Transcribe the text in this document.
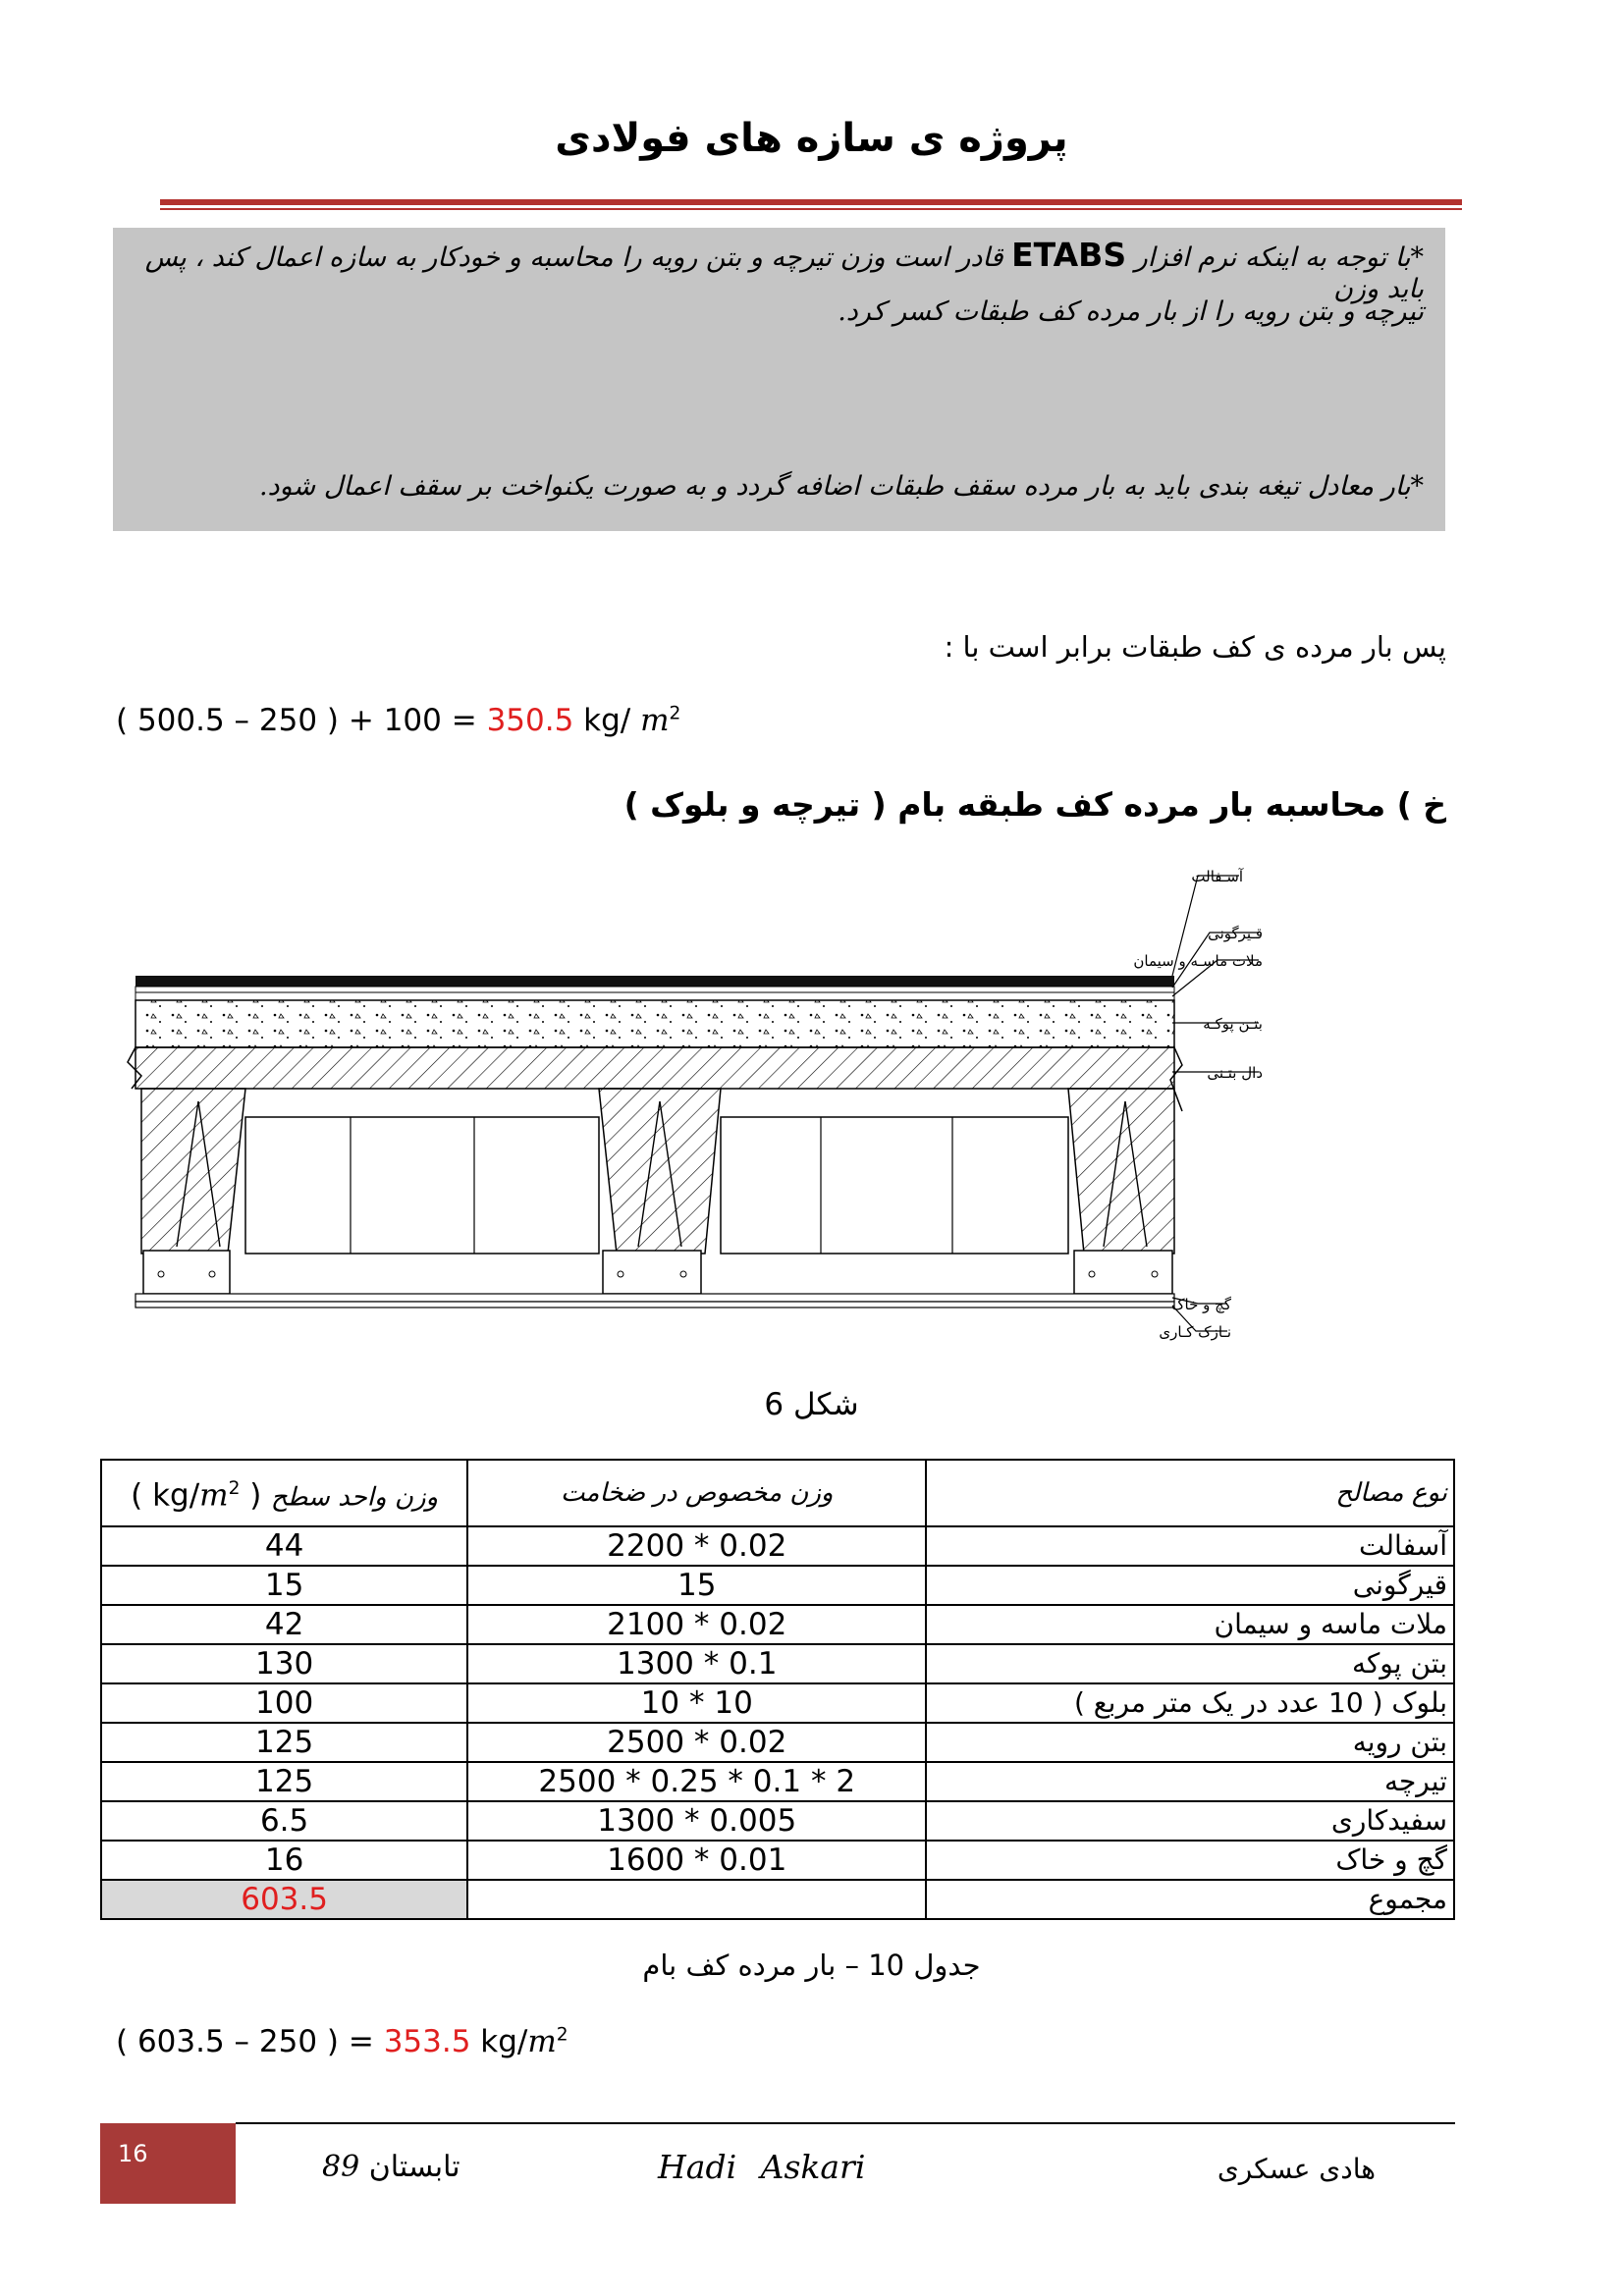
پروژه ی سازه های فولادی
*با توجه به اینکه نرم افزار ETABS قادر است وزن تیرچه و بتن رویه را محاسبه و خودکار به سازه اعمال کند ، پس باید وزن
تیرچه و بتن رویه را از بار مرده کف طبقات کسر کرد.
*بار معادل تیغه بندی باید به بار مرده سقف طبقات اضافه گردد و به صورت یکنواخت بر سقف اعمال شود.
پس بار مرده ی کف طبقات برابر است با :
( 500.5 – 250 ) + 100 = 350.5 kg/ $m^2$
خ ) محاسبه بار مرده کف طبقه بام ( تیرچه و بلوک )
آسـفالت
قـیرگونی
ملات ماسـه و سیمان
بتـن پوکـه
دال بتـنی
گچ و خاک
نـازک کـاری
شکل 6
نوع مصالح	وزن مخصوص در ضخامت	وزن واحد سطح ( $kg/m^2$ )
آسفالت	0.02 * 2200	44
قیرگونی	15	15
ملات ماسه و سیمان	0.02 * 2100	42
بتن پوکه	0.1 * 1300	130
بلوک ( 10 عدد در یک متر مربع )	10 * 10	100
بتن رویه	0.02 * 2500	125
تیرچه	2 * 0.1 * 0.25 * 2500	125
سفیدکاری	0.005 * 1300	6.5
گچ و خاک	0.01 * 1600	16
مجموع		603.5
جدول 10 – بار مرده کف بام
( 603.5 – 250 ) = 353.5 $kg/m^2$
16	تابستان 89	Hadi Askari	هادی عسکری
